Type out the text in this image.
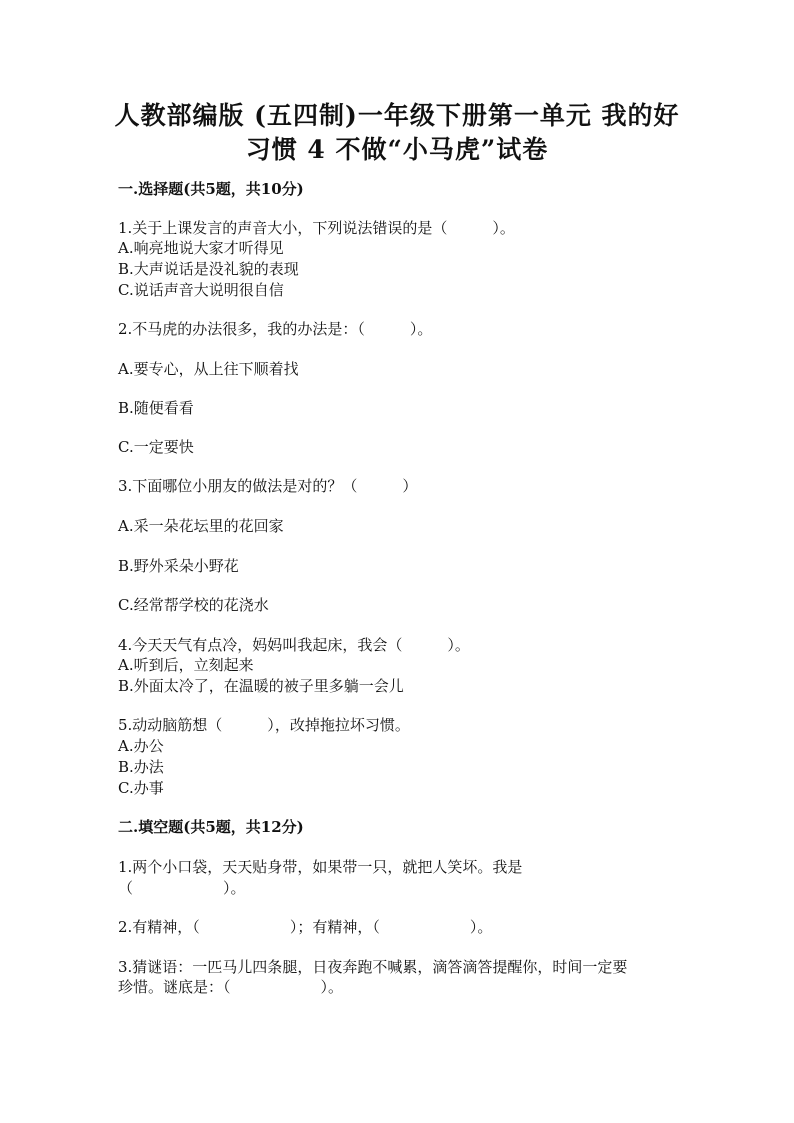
人教部编版 (五四制)一年级下册第一单元 我的好
习惯 4 不做“小马虎”试卷
一.选择题(共5题，共10分)
1.关于上课发言的声音大小，下列说法错误的是（　　　）。
A.响亮地说大家才听得见
B.大声说话是没礼貌的表现
C.说话声音大说明很自信
2.不马虎的办法很多，我的办法是：（　　　）。
A.要专心，从上往下顺着找
B.随便看看
C.一定要快
3.下面哪位小朋友的做法是对的？（　　　）
A.采一朵花坛里的花回家
B.野外采朵小野花
C.经常帮学校的花浇水
4.今天天气有点冷，妈妈叫我起床，我会（　　　）。
A.听到后，立刻起来
B.外面太冷了，在温暖的被子里多躺一会儿
5.动动脑筋想（　　　），改掉拖拉坏习惯。
A.办公
B.办法
C.办事
二.填空题(共5题，共12分)
1.两个小口袋，天天贴身带，如果带一只，就把人笑坏。我是
（　　　　　　）。
2.有精神，（　　　　　　）；有精神，（　　　　　　）。
3.猜谜语：一匹马儿四条腿，日夜奔跑不喊累，滴答滴答提醒你，时间一定要
珍惜。谜底是：（　　　　　　）。
